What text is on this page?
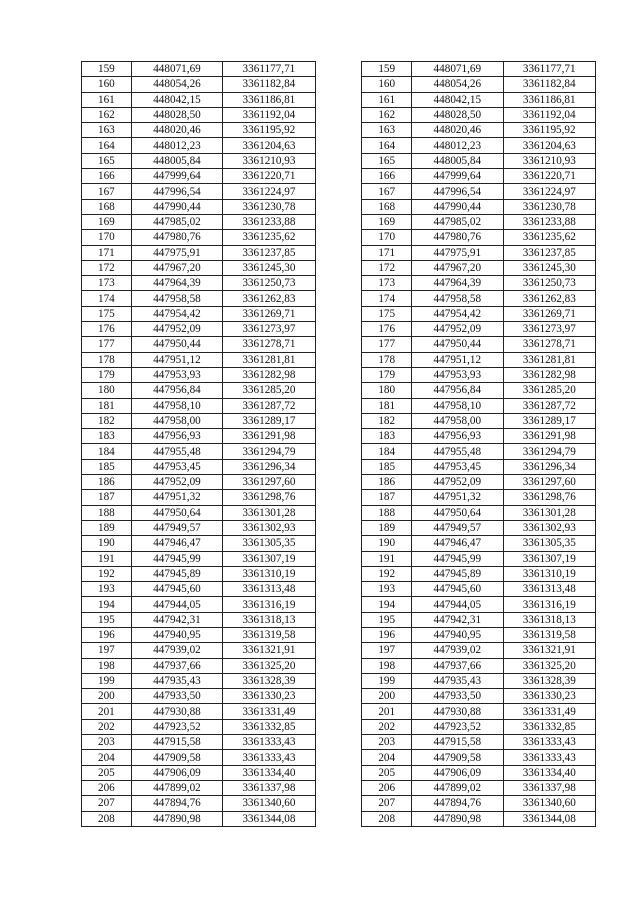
159	448071,69	3361177,71		159	448071,69	3361177,71
160	448054,26	3361182,84		160	448054,26	3361182,84
161	448042,15	3361186,81		161	448042,15	3361186,81
162	448028,50	3361192,04		162	448028,50	3361192,04
163	448020,46	3361195,92		163	448020,46	3361195,92
164	448012,23	3361204,63		164	448012,23	3361204,63
165	448005,84	3361210,93		165	448005,84	3361210,93
166	447999,64	3361220,71		166	447999,64	3361220,71
167	447996,54	3361224,97		167	447996,54	3361224,97
168	447990,44	3361230,78		168	447990,44	3361230,78
169	447985,02	3361233,88		169	447985,02	3361233,88
170	447980,76	3361235,62		170	447980,76	3361235,62
171	447975,91	3361237,85		171	447975,91	3361237,85
172	447967,20	3361245,30		172	447967,20	3361245,30
173	447964,39	3361250,73		173	447964,39	3361250,73
174	447958,58	3361262,83		174	447958,58	3361262,83
175	447954,42	3361269,71		175	447954,42	3361269,71
176	447952,09	3361273,97		176	447952,09	3361273,97
177	447950,44	3361278,71		177	447950,44	3361278,71
178	447951,12	3361281,81		178	447951,12	3361281,81
179	447953,93	3361282,98		179	447953,93	3361282,98
180	447956,84	3361285,20		180	447956,84	3361285,20
181	447958,10	3361287,72		181	447958,10	3361287,72
182	447958,00	3361289,17		182	447958,00	3361289,17
183	447956,93	3361291,98		183	447956,93	3361291,98
184	447955,48	3361294,79		184	447955,48	3361294,79
185	447953,45	3361296,34		185	447953,45	3361296,34
186	447952,09	3361297,60		186	447952,09	3361297,60
187	447951,32	3361298,76		187	447951,32	3361298,76
188	447950,64	3361301,28		188	447950,64	3361301,28
189	447949,57	3361302,93		189	447949,57	3361302,93
190	447946,47	3361305,35		190	447946,47	3361305,35
191	447945,99	3361307,19		191	447945,99	3361307,19
192	447945,89	3361310,19		192	447945,89	3361310,19
193	447945,60	3361313,48		193	447945,60	3361313,48
194	447944,05	3361316,19		194	447944,05	3361316,19
195	447942,31	3361318,13		195	447942,31	3361318,13
196	447940,95	3361319,58		196	447940,95	3361319,58
197	447939,02	3361321,91		197	447939,02	3361321,91
198	447937,66	3361325,20		198	447937,66	3361325,20
199	447935,43	3361328,39		199	447935,43	3361328,39
200	447933,50	3361330,23		200	447933,50	3361330,23
201	447930,88	3361331,49		201	447930,88	3361331,49
202	447923,52	3361332,85		202	447923,52	3361332,85
203	447915,58	3361333,43		203	447915,58	3361333,43
204	447909,58	3361333,43		204	447909,58	3361333,43
205	447906,09	3361334,40		205	447906,09	3361334,40
206	447899,02	3361337,98		206	447899,02	3361337,98
207	447894,76	3361340,60		207	447894,76	3361340,60
208	447890,98	3361344,08		208	447890,98	3361344,08
